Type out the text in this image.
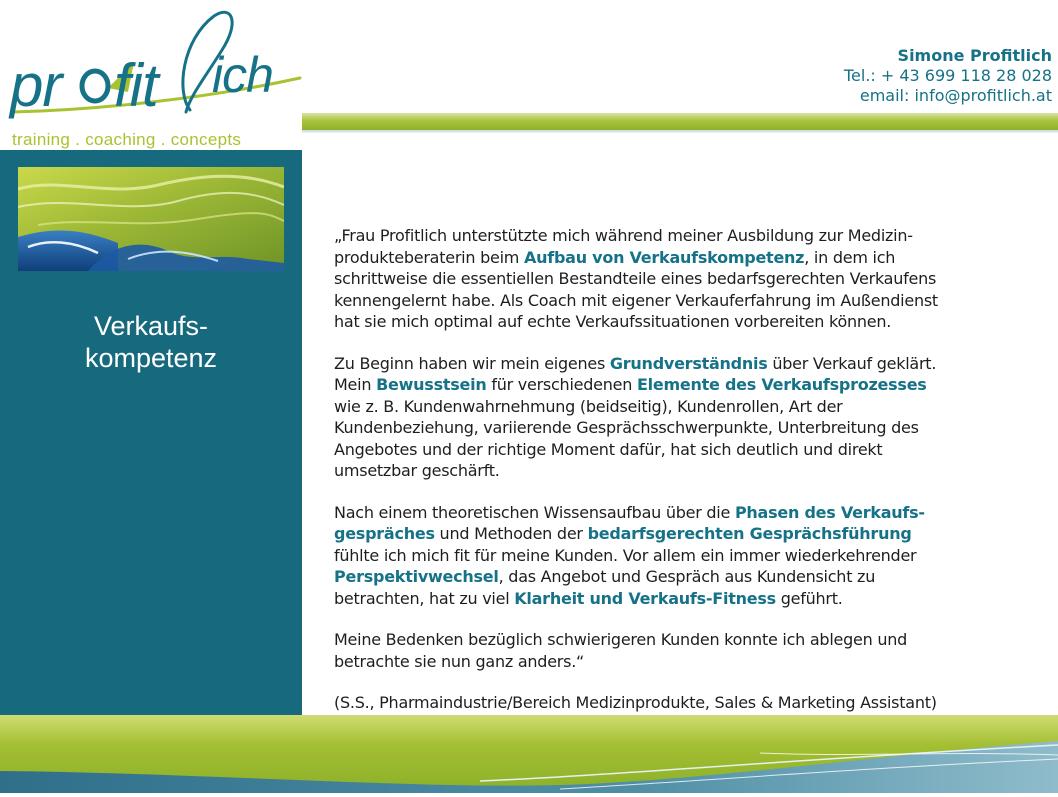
pr fit ich
training . coaching . concepts
Simone Profitlich
Tel.: + 43 699 118 28 028
email: info@profitlich.at
Verkaufs-
kompetenz

„Frau Profitlich unterstützte mich während meiner Ausbildung zur Medizin-
produkteberaterin beim Aufbau von Verkaufskompetenz, in dem ich
schrittweise die essentiellen Bestandteile eines bedarfsgerechten Verkaufens
kennengelernt habe. Als Coach mit eigener Verkauferfahrung im Außendienst
hat sie mich optimal auf echte Verkaufssituationen vorbereiten können.

Zu Beginn haben wir mein eigenes Grundverständnis über Verkauf geklärt.
Mein Bewusstsein für verschiedenen Elemente des Verkaufsprozesses
wie z. B. Kundenwahrnehmung (beidseitig), Kundenrollen, Art der
Kundenbeziehung, variierende Gesprächsschwerpunkte, Unterbreitung des
Angebotes und der richtige Moment dafür, hat sich deutlich und direkt
umsetzbar geschärft.

Nach einem theoretischen Wissensaufbau über die Phasen des Verkaufs-
gespräches und Methoden der bedarfsgerechten Gesprächsführung
fühlte ich mich fit für meine Kunden. Vor allem ein immer wiederkehrender
Perspektivwechsel, das Angebot und Gespräch aus Kundensicht zu
betrachten, hat zu viel Klarheit und Verkaufs-Fitness geführt.

Meine Bedenken bezüglich schwierigeren Kunden konnte ich ablegen und
betrachte sie nun ganz anders.“

(S.S., Pharmaindustrie/Bereich Medizinprodukte, Sales & Marketing Assistant)
